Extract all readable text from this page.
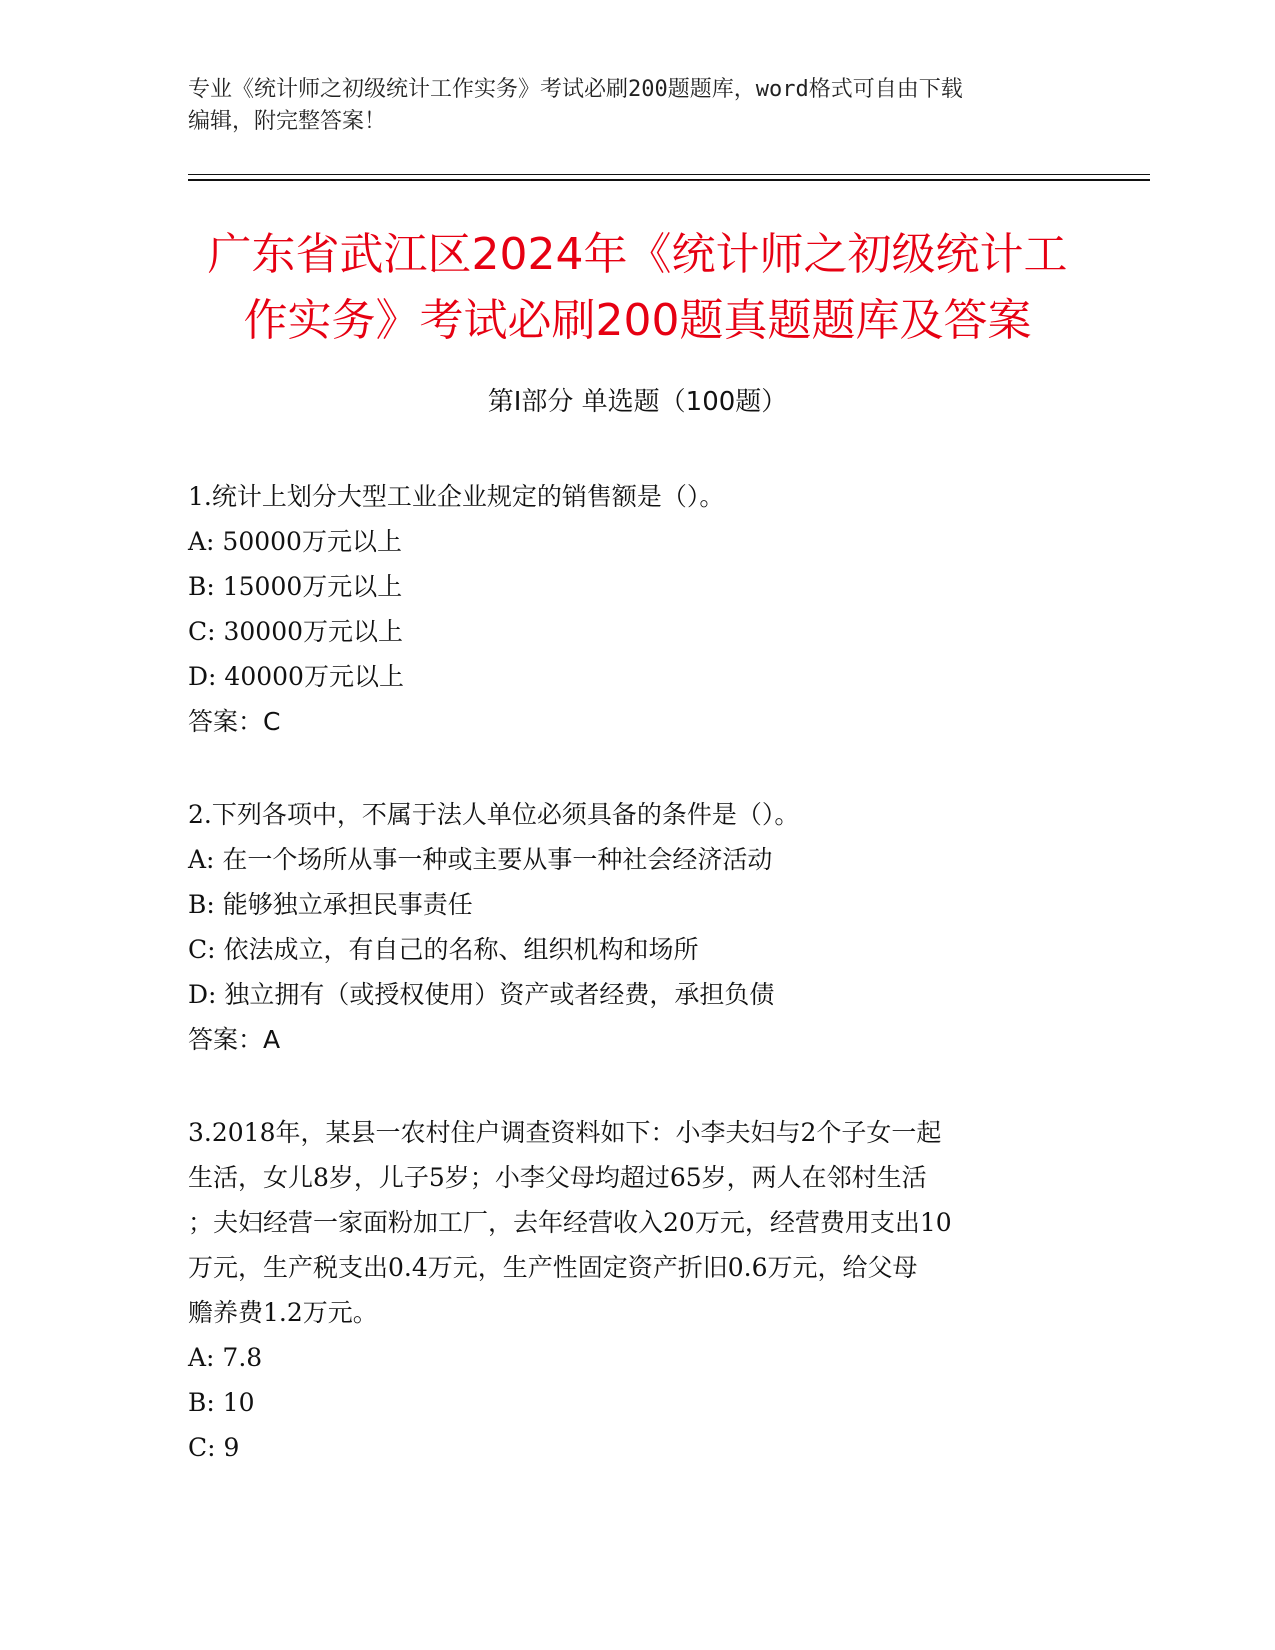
专业《统计师之初级统计工作实务》考试必刷200题题库，word格式可自由下载
编辑，附完整答案！
广东省武江区2024年《统计师之初级统计工
作实务》考试必刷200题真题题库及答案
第Ⅰ部分 单选题（100题）

1.统计上划分大型工业企业规定的销售额是（）。

A: 50000万元以上

B: 15000万元以上

C: 30000万元以上

D: 40000万元以上

答案：C

2.下列各项中，不属于法人单位必须具备的条件是（）。

A: 在一个场所从事一种或主要从事一种社会经济活动

B: 能够独立承担民事责任

C: 依法成立，有自己的名称、组织机构和场所

D: 独立拥有（或授权使用）资产或者经费，承担负债

答案：A

3.2018年，某县一农村住户调查资料如下：小李夫妇与2个子女一起

生活，女儿8岁，儿子5岁；小李父母均超过65岁，两人在邻村生活

；夫妇经营一家面粉加工厂，去年经营收入20万元，经营费用支出10

万元，生产税支出0.4万元，生产性固定资产折旧0.6万元，给父母

赡养费1.2万元。

A: 7.8

B: 10

C: 9
